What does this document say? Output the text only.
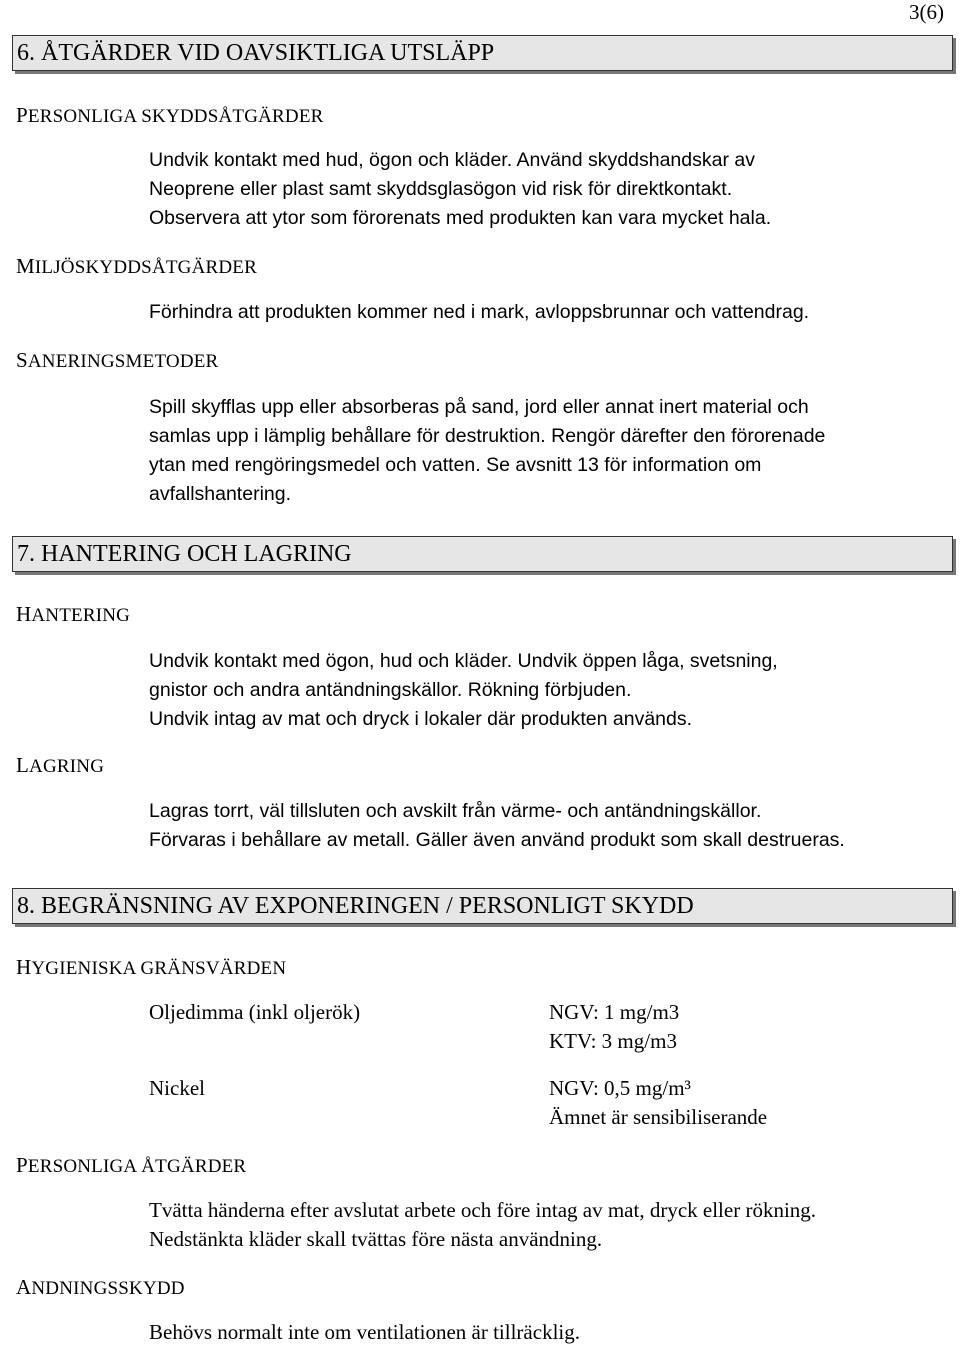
3(6)
6. ÅTGÄRDER VID OAVSIKTLIGA UTSLÄPP
PERSONLIGA SKYDDSÅTGÄRDER
Undvik kontakt med hud, ögon och kläder. Använd skyddshandskar av
Neoprene eller plast samt skyddsglasögon vid risk för direktkontakt.
Observera att ytor som förorenats med produkten kan vara mycket hala.
MILJÖSKYDDSÅTGÄRDER
Förhindra att produkten kommer ned i mark, avloppsbrunnar och vattendrag.
SANERINGSMETODER
Spill skyfflas upp eller absorberas på sand, jord eller annat inert material och
samlas upp i lämplig behållare för destruktion. Rengör därefter den förorenade
ytan med rengöringsmedel och vatten. Se avsnitt 13 för information om
avfallshantering.
7. HANTERING OCH LAGRING
HANTERING
Undvik kontakt med ögon, hud och kläder. Undvik öppen låga, svetsning,
gnistor och andra antändningskällor. Rökning förbjuden.
Undvik intag av mat och dryck i lokaler där produkten används.
LAGRING
Lagras torrt, väl tillsluten och avskilt från värme- och antändningskällor.
Förvaras i behållare av metall. Gäller även använd produkt som skall destrueras.
8. BEGRÄNSNING AV EXPONERINGEN / PERSONLIGT SKYDD
HYGIENISKA GRÄNSVÄRDEN
Oljedimma (inkl oljerök)	NGV: 1 mg/m3
KTV: 3 mg/m3
Nickel	NGV: 0,5 mg/m³
Ämnet är sensibiliserande
PERSONLIGA ÅTGÄRDER
Tvätta händerna efter avslutat arbete och före intag av mat, dryck eller rökning.
Nedstänkta kläder skall tvättas före nästa användning.
ANDNINGSSKYDD
Behövs normalt inte om ventilationen är tillräcklig.
